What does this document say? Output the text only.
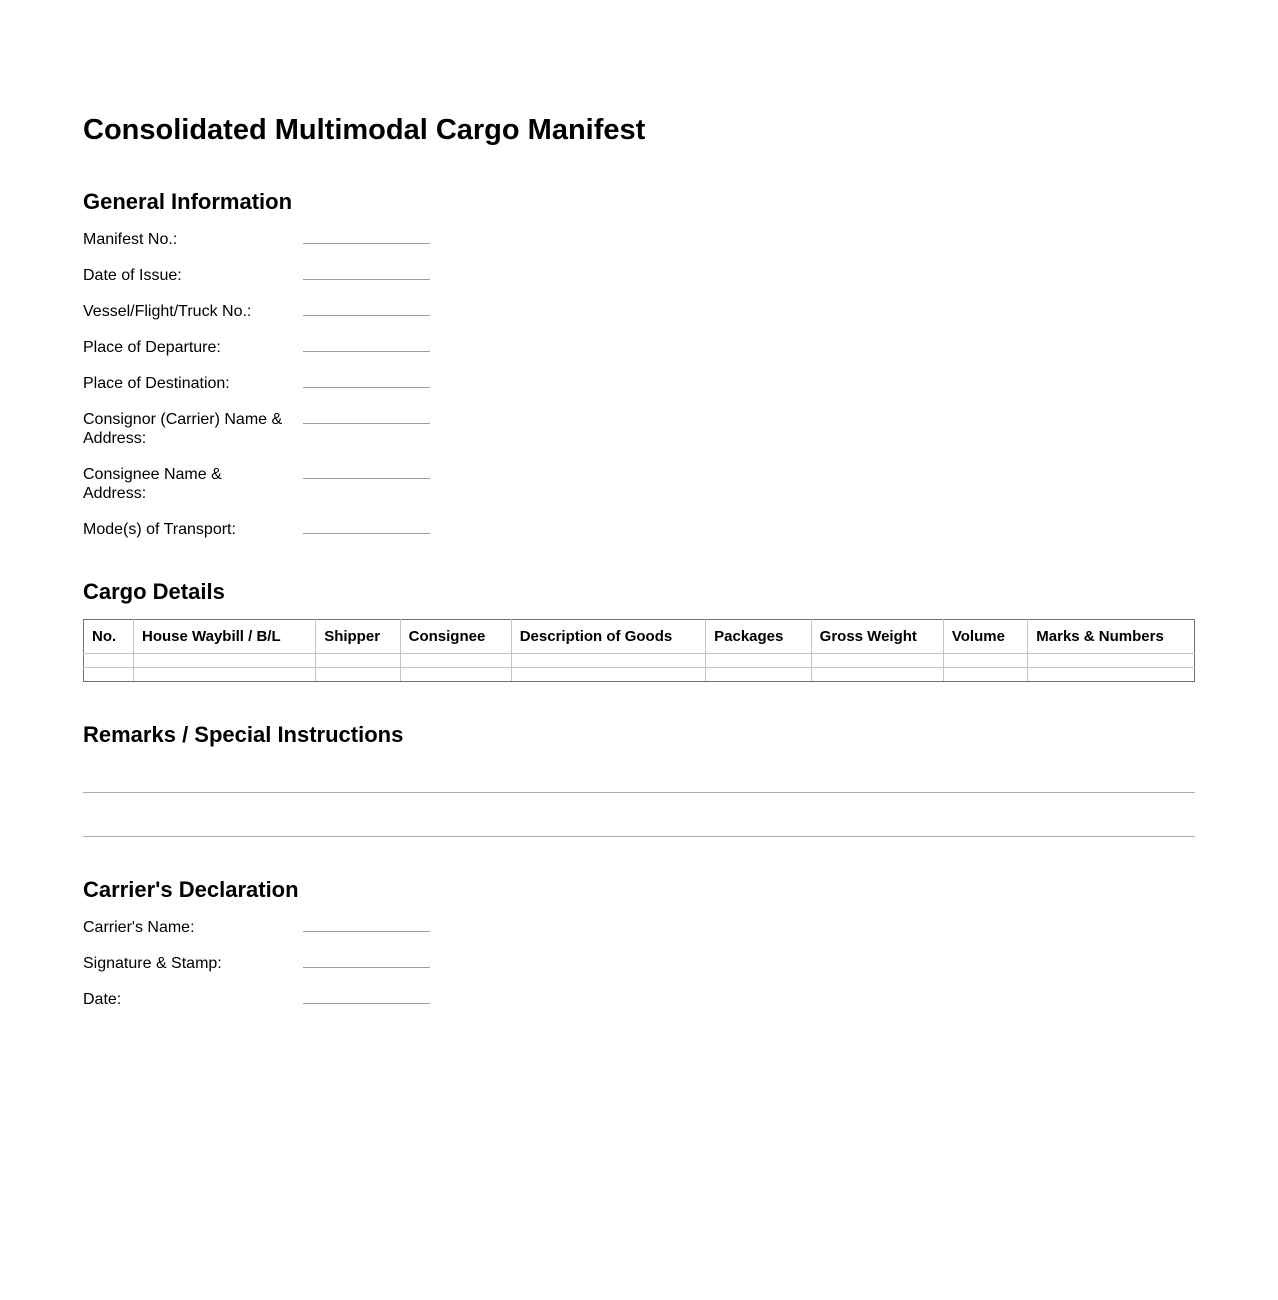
Consolidated Multimodal Cargo Manifest
General Information
Manifest No.:
Date of Issue:
Vessel/Flight/Truck No.:
Place of Departure:
Place of Destination:
Consignor (Carrier) Name & Address:
Consignee Name & Address:
Mode(s) of Transport:
Cargo Details
No.	House Waybill / B/L	Shipper	Consignee	Description of Goods	Packages	Gross Weight	Volume	Marks & Numbers

Remarks / Special Instructions
Carrier's Declaration
Carrier's Name:
Signature & Stamp:
Date:
